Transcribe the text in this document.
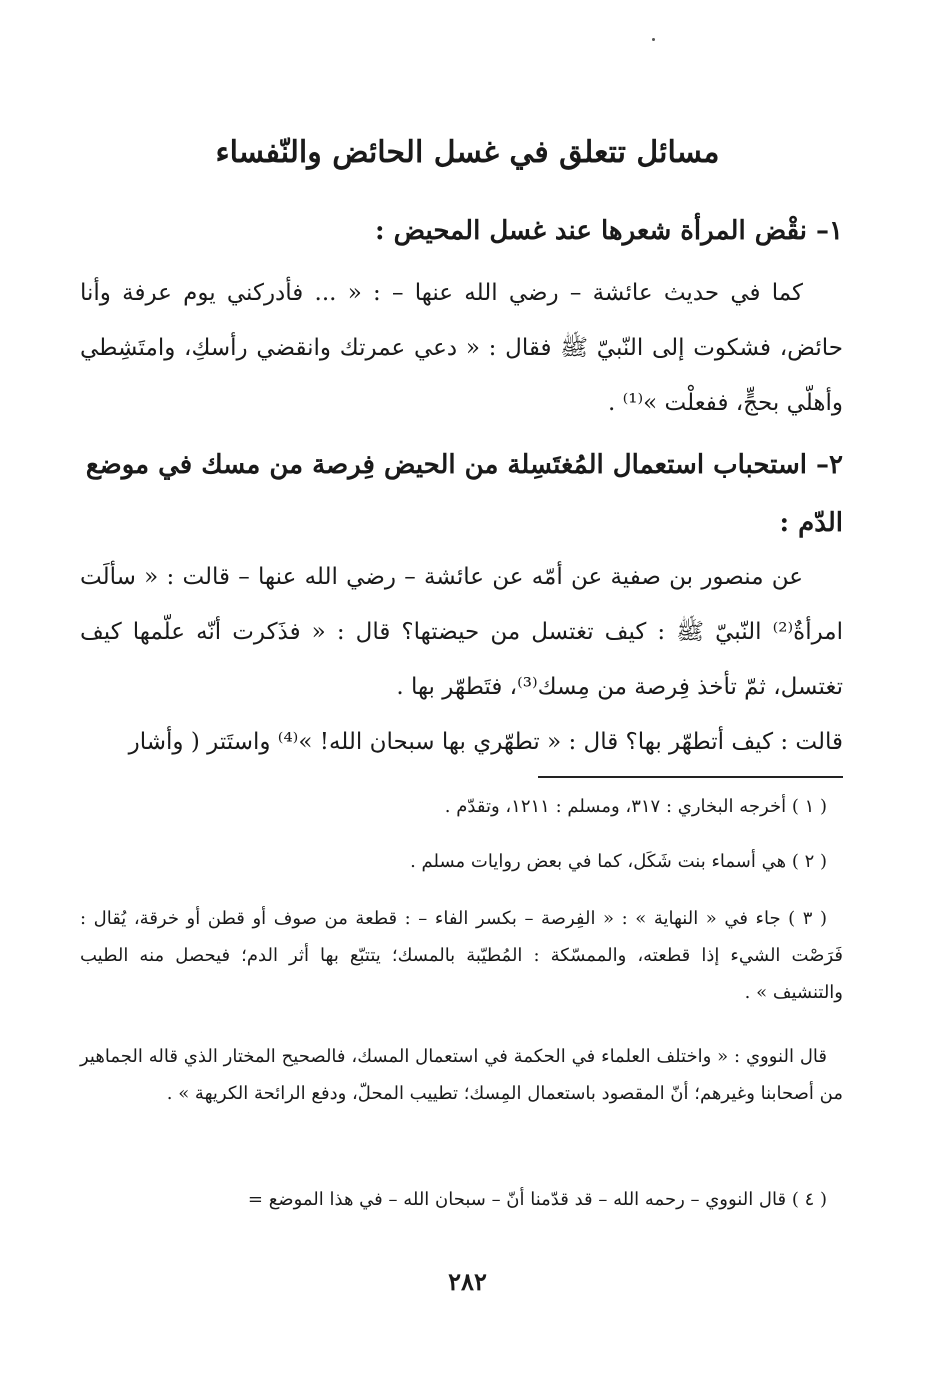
مسائل تتعلق في غسل الحائض والنّفساء
١– نقْض المرأة شعرها عند غسل المحيض :
كما في حديث عائشة – رضي الله عنها – : « ... فأدركني يوم عرفة وأنا حائض، فشكوت إلى النّبيّ ﷺ فقال : « دعي عمرتك وانقضي رأسكِ، وامتَشِطي وأهلّي بحجٍّ، ففعلْت »⁽¹⁾ .
٢– استحباب استعمال المُغتَسِلة من الحيض فِرصة من مسك في موضع الدّم :
عن منصور بن صفية عن أمّه عن عائشة – رضي الله عنها – قالت : « سألَت امرأةٌ⁽²⁾ النّبيّ ﷺ : كيف تغتسل من حيضتها؟ قال : « فذَكرت أنّه علّمها كيف تغتسل، ثمّ تأخذ فِرصة من مِسك⁽³⁾، فتَطهّر بها .
قالت : كيف أتطهّر بها؟ قال : « تطهّري بها سبحان الله! »⁽⁴⁾ واستَتر ( وأشار
( ١ ) أخرجه البخاري : ٣١٧، ومسلم : ١٢١١، وتقدّم .
( ٢ ) هي أسماء بنت شَكَل، كما في بعض روايات مسلم .
( ٣ ) جاء في « النهاية » : « الفِرصة – بكسر الفاء – : قطعة من صوف أو قطن أو خرقة، يُقال : فَرَصْت الشيء إذا قطعته، والممسّكة : المُطيّبة بالمسك؛ يتتبّع بها أثر الدم؛ فيحصل منه الطيب والتنشيف » .
قال النووي : « واختلف العلماء في الحكمة في استعمال المسك، فالصحيح المختار الذي قاله الجماهير من أصحابنا وغيرهم؛ أنّ المقصود باستعمال المِسك؛ تطييب المحلّ، ودفع الرائحة الكريهة » .
( ٤ ) قال النووي – رحمه الله – قد قدّمنا أنّ – سبحان الله – في هذا الموضع =
٢٨٢
